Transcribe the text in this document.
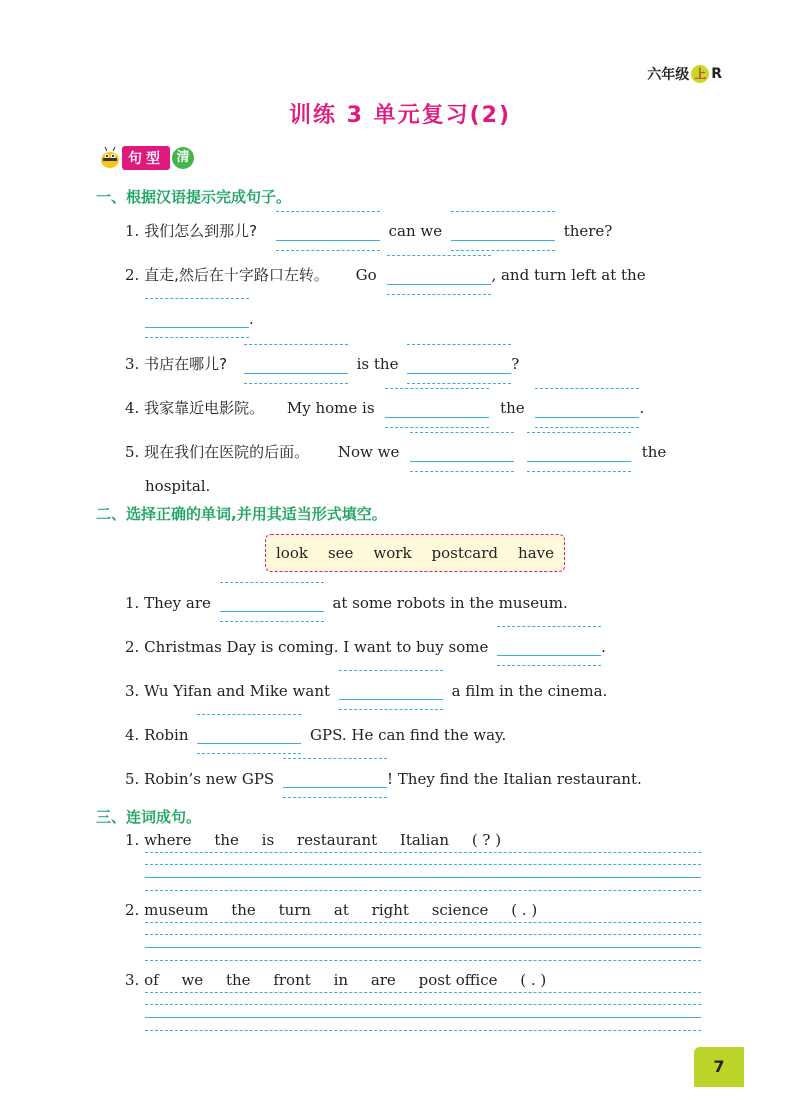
六年级 上 R
训练 3 单元复习(2)
句型 清
一、根据汉语提示完成句子。
1. 我们怎么到那儿?	can we	there?
2. 直走,然后在十字路口左转。 Go	, and turn left at the
.
3. 书店在哪儿?	is the	?
4. 我家靠近电影院。 My home is	the	.
5. 现在我们在医院的后面。 Now we
	the
hospital.
二、选择正确的单词,并用其适当形式填空。
look see work postcard have
1. They are	at some robots in the museum.
2. Christmas Day is coming. I want to buy some	.
3. Wu Yifan and Mike want	a film in the cinema.
4. Robin	GPS. He can find the way.
5. Robin’s new GPS	! They find the Italian restaurant.
三、连词成句。
1. where the is restaurant Italian ( ? )
2. museum the turn at right science ( . )
3. of we the front in are post office ( . )
7
